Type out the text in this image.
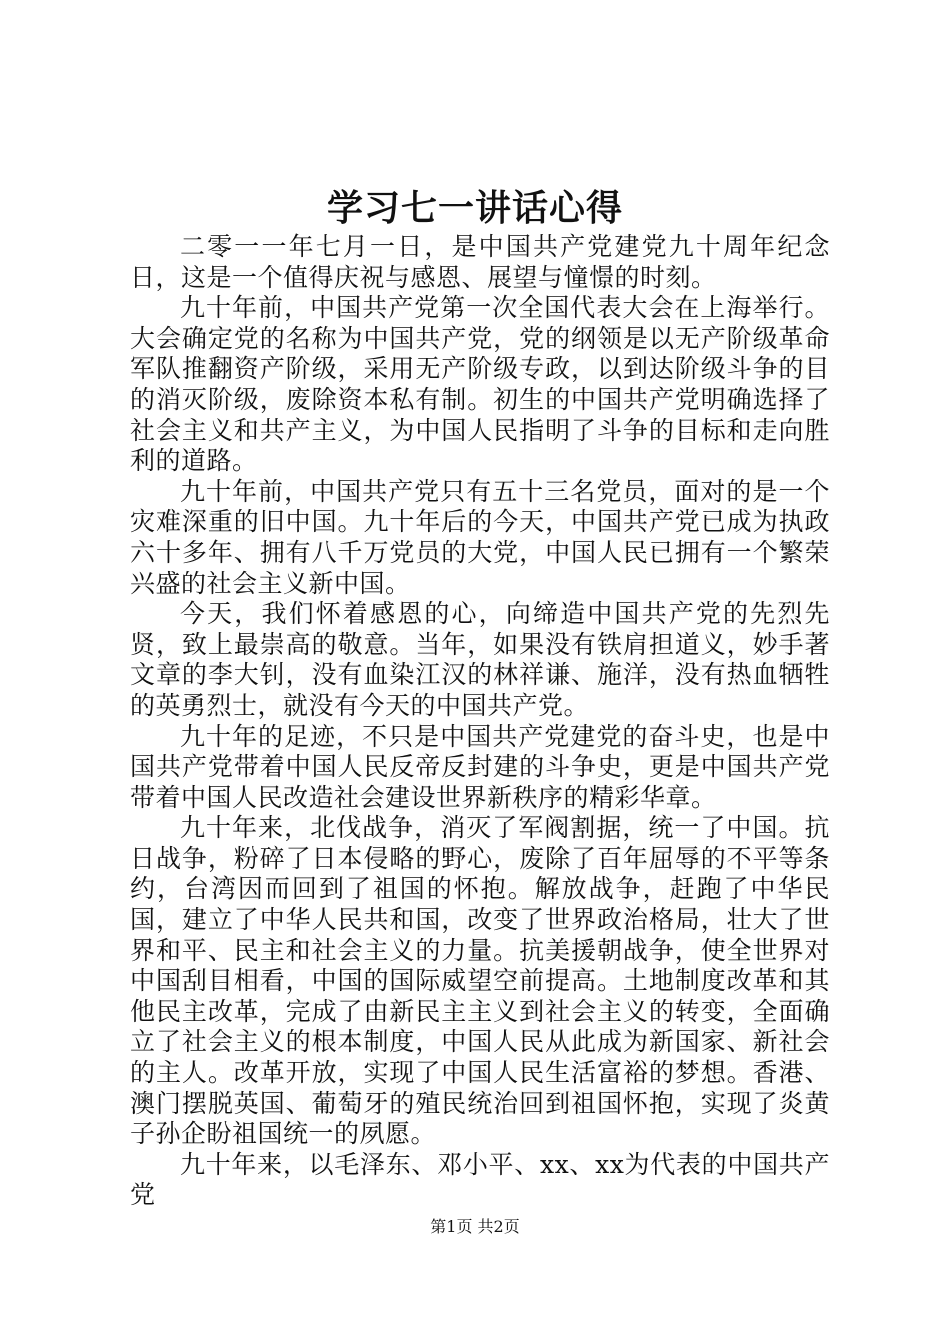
学习七一讲话心得

二零一一年七月一日，是中国共产党建党九十周年纪念日，这是一个值得庆祝与感恩、展望与憧憬的时刻。

九十年前，中国共产党第一次全国代表大会在上海举行。大会确定党的名称为中国共产党，党的纲领是以无产阶级革命军队推翻资产阶级，采用无产阶级专政，以到达阶级斗争的目的消灭阶级，废除资本私有制。初生的中国共产党明确选择了社会主义和共产主义，为中国人民指明了斗争的目标和走向胜利的道路。

九十年前，中国共产党只有五十三名党员，面对的是一个灾难深重的旧中国。九十年后的今天，中国共产党已成为执政六十多年、拥有八千万党员的大党，中国人民已拥有一个繁荣兴盛的社会主义新中国。

今天，我们怀着感恩的心，向缔造中国共产党的先烈先贤，致上最崇高的敬意。当年，如果没有铁肩担道义，妙手著文章的李大钊，没有血染江汉的林祥谦、施洋，没有热血牺牲的英勇烈士，就没有今天的中国共产党。

九十年的足迹，不只是中国共产党建党的奋斗史，也是中国共产党带着中国人民反帝反封建的斗争史，更是中国共产党带着中国人民改造社会建设世界新秩序的精彩华章。

九十年来，北伐战争，消灭了军阀割据，统一了中国。抗日战争，粉碎了日本侵略的野心，废除了百年屈辱的不平等条约，台湾因而回到了祖国的怀抱。解放战争，赶跑了中华民国，建立了中华人民共和国，改变了世界政治格局，壮大了世界和平、民主和社会主义的力量。抗美援朝战争，使全世界对中国刮目相看，中国的国际威望空前提高。土地制度改革和其他民主改革，完成了由新民主主义到社会主义的转变，全面确立了社会主义的根本制度，中国人民从此成为新国家、新社会的主人。改革开放，实现了中国人民生活富裕的梦想。香港、澳门摆脱英国、葡萄牙的殖民统治回到祖国怀抱，实现了炎黄子孙企盼祖国统一的夙愿。

九十年来，以毛泽东、邓小平、xx、xx为代表的中国共产党

第1页 共2页
